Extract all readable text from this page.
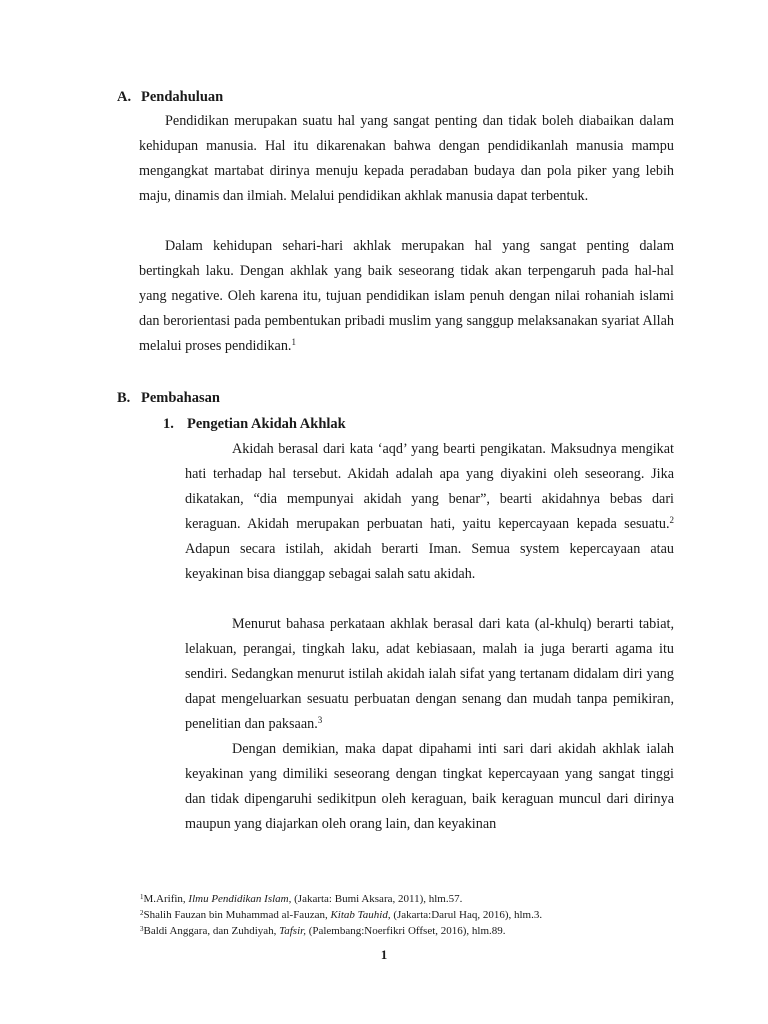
A. Pendahuluan

Pendidikan merupakan suatu hal yang sangat penting dan tidak boleh diabaikan dalam kehidupan manusia. Hal itu dikarenakan bahwa dengan pendidikanlah manusia mampu mengangkat martabat dirinya menuju kepada peradaban budaya dan pola piker yang lebih maju, dinamis dan ilmiah. Melalui pendidikan akhlak manusia dapat terbentuk.

Dalam kehidupan sehari-hari akhlak merupakan hal yang sangat penting dalam bertingkah laku. Dengan akhlak yang baik seseorang tidak akan terpengaruh pada hal-hal yang negative. Oleh karena itu, tujuan pendidikan islam penuh dengan nilai rohaniah islami dan berorientasi pada pembentukan pribadi muslim yang sanggup melaksanakan syariat Allah melalui proses pendidikan.$^1$

B. Pembahasan
1. Pengetian Akidah Akhlak

Akidah berasal dari kata ‘aqd’ yang bearti pengikatan. Maksudnya mengikat hati terhadap hal tersebut. Akidah adalah apa yang diyakini oleh seseorang. Jika dikatakan, “dia mempunyai akidah yang benar”, bearti akidahnya bebas dari keraguan. Akidah merupakan perbuatan hati, yaitu kepercayaan kepada sesuatu.$^2$ Adapun secara istilah, akidah berarti Iman. Semua system kepercayaan atau keyakinan bisa dianggap sebagai salah satu akidah.

Menurut bahasa perkataan akhlak berasal dari kata (al-khulq) berarti tabiat, lelakuan, perangai, tingkah laku, adat kebiasaan, malah ia juga berarti agama itu sendiri. Sedangkan menurut istilah akidah ialah sifat yang tertanam didalam diri yang dapat mengeluarkan sesuatu perbuatan dengan senang dan mudah tanpa pemikiran, penelitian dan paksaan.$^3$

Dengan demikian, maka dapat dipahami inti sari dari akidah akhlak ialah keyakinan yang dimiliki seseorang dengan tingkat kepercayaan yang sangat tinggi dan tidak dipengaruhi sedikitpun oleh keraguan, baik keraguan muncul dari dirinya maupun yang diajarkan oleh orang lain, dan keyakinan

$^1$M.Arifin, Ilmu Pendidikan Islam, (Jakarta: Bumi Aksara, 2011), hlm.57.
$^2$Shalih Fauzan bin Muhammad al-Fauzan, Kitab Tauhid, (Jakarta:Darul Haq, 2016), hlm.3.
$^3$Baldi Anggara, dan Zuhdiyah, Tafsir, (Palembang:Noerfikri Offset, 2016), hlm.89.
1
